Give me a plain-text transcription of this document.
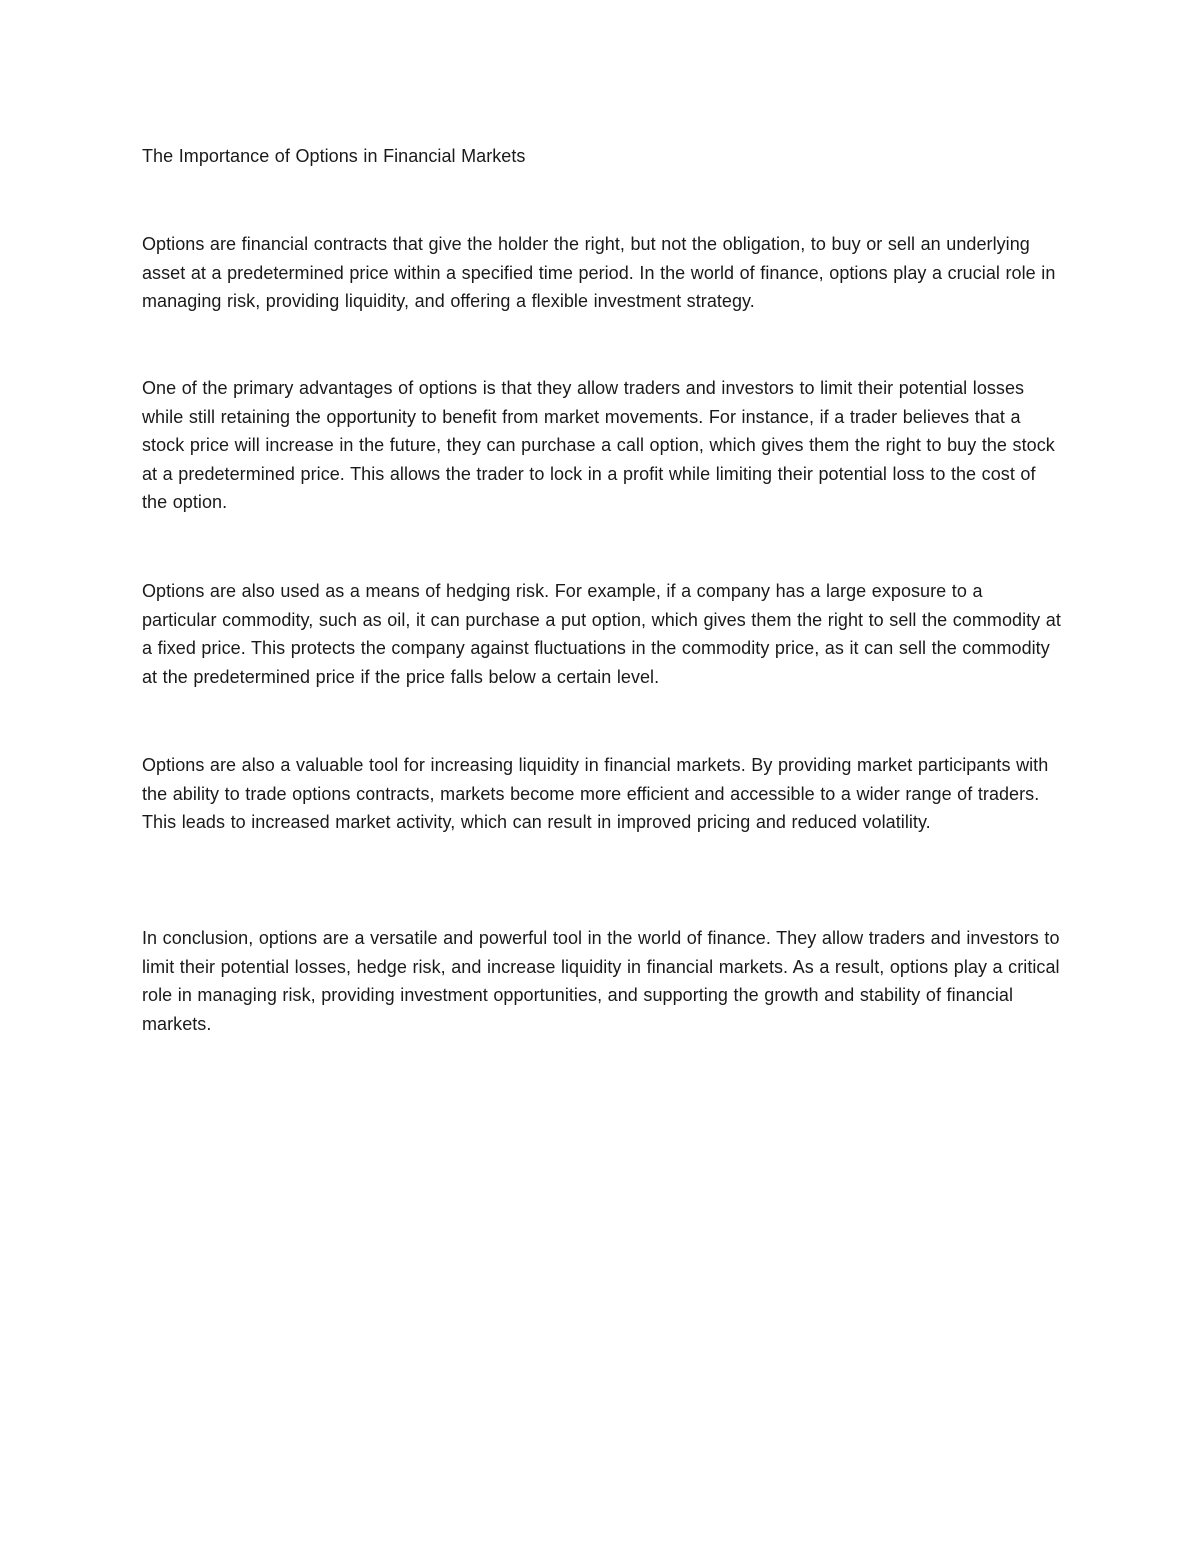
The Importance of Options in Financial Markets

Options are financial contracts that give the holder the right, but not the obligation, to buy or sell an underlying asset at a predetermined price within a specified time period. In the world of finance, options play a crucial role in managing risk, providing liquidity, and offering a flexible investment strategy.

One of the primary advantages of options is that they allow traders and investors to limit their potential losses while still retaining the opportunity to benefit from market movements. For instance, if a trader believes that a stock price will increase in the future, they can purchase a call option, which gives them the right to buy the stock at a predetermined price. This allows the trader to lock in a profit while limiting their potential loss to the cost of the option.

Options are also used as a means of hedging risk. For example, if a company has a large exposure to a particular commodity, such as oil, it can purchase a put option, which gives them the right to sell the commodity at a fixed price. This protects the company against fluctuations in the commodity price, as it can sell the commodity at the predetermined price if the price falls below a certain level.

Options are also a valuable tool for increasing liquidity in financial markets. By providing market participants with the ability to trade options contracts, markets become more efficient and accessible to a wider range of traders. This leads to increased market activity, which can result in improved pricing and reduced volatility.

In conclusion, options are a versatile and powerful tool in the world of finance. They allow traders and investors to limit their potential losses, hedge risk, and increase liquidity in financial markets. As a result, options play a critical role in managing risk, providing investment opportunities, and supporting the growth and stability of financial markets.
